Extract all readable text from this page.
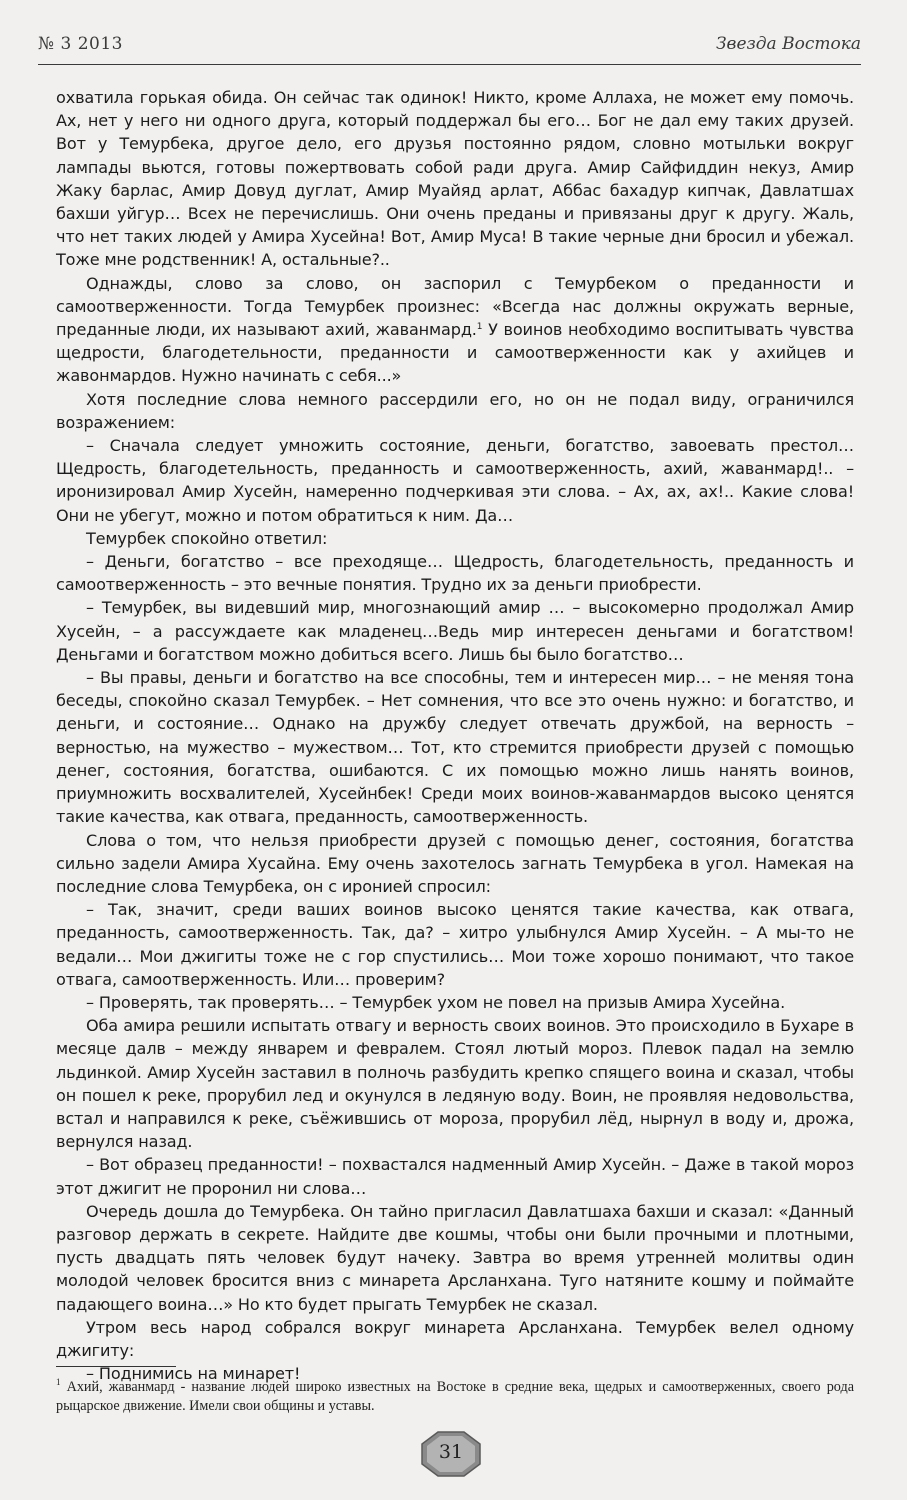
№ 3 2013	Звезда Востока

охватила горькая обида. Он сейчас так одинок! Никто, кроме Аллаха, не может ему помочь. Ах, нет у него ни одного друга, который поддержал бы его… Бог не дал ему таких друзей. Вот у Темурбека, другое дело, его друзья постоянно рядом, словно мотыльки вокруг лампады вьются, готовы пожертвовать собой ради друга. Амир Сайфиддин некуз, Амир Жаку барлас, Амир Довуд дуглат, Амир Муайяд арлат, Аббас бахадур кипчак, Давлатшах бахши уйгур… Всех не перечислишь. Они очень преданы и привязаны друг к другу. Жаль, что нет таких людей у Амира Хусейна! Вот, Амир Муса! В такие черные дни бросил и убежал. Тоже мне родственник! А, остальные?..

Однажды, слово за слово, он заспорил с Темурбеком о преданности и самоотверженности. Тогда Темурбек произнес: «Всегда нас должны окружать верные, преданные люди, их называют ахий, жаванмард.$^1$ У воинов необходимо воспитывать чувства щедрости, благодетельности, преданности и самоотверженности как у ахийцев и жавонмардов. Нужно начинать с себя...»

Хотя последние слова немного рассердили его, но он не подал виду, ограничился возражением:

– Сначала следует умножить состояние, деньги, богатство, завоевать престол… Щедрость, благодетельность, преданность и самоотверженность, ахий, жаванмард!.. – иронизировал Амир Хусейн, намеренно подчеркивая эти слова. – Ах, ах, ах!.. Какие слова! Они не убегут, можно и потом обратиться к ним. Да…

Темурбек спокойно ответил:

– Деньги, богатство – все преходяще… Щедрость, благодетельность, преданность и самоотверженность – это вечные понятия. Трудно их за деньги приобрести.

– Темурбек, вы видевший мир, многознающий амир … – высокомерно продолжал Амир Хусейн, – а рассуждаете как младенец…Ведь мир интересен деньгами и богатством! Деньгами и богатством можно добиться всего. Лишь бы было богатство…

– Вы правы, деньги и богатство на все способны, тем и интересен мир… – не меняя тона беседы, спокойно сказал Темурбек. – Нет сомнения, что все это очень нужно: и богатство, и деньги, и состояние… Однако на дружбу следует отвечать дружбой, на верность – верностью, на мужество – мужеством… Тот, кто стремится приобрести друзей с помощью денег, состояния, богатства, ошибаются. С их помощью можно лишь нанять воинов, приумножить восхвалителей, Хусейнбек! Среди моих воинов-жаванмардов высоко ценятся такие качества, как отвага, преданность, самоотверженность.

Слова о том, что нельзя приобрести друзей с помощью денег, состояния, богатства сильно задели Амира Хусайна. Ему очень захотелось загнать Темурбека в угол. Намекая на последние слова Темурбека, он с иронией спросил:

– Так, значит, среди ваших воинов высоко ценятся такие качества, как отвага, преданность, самоотверженность. Так, да? – хитро улыбнулся Амир Хусейн. – А мы-то не ведали… Мои джигиты тоже не с гор спустились… Мои тоже хорошо понимают, что такое отвага, самоотверженность. Или… проверим?

– Проверять, так проверять… – Темурбек ухом не повел на призыв Амира Хусейна.

Оба амира решили испытать отвагу и верность своих воинов. Это происходило в Бухаре в месяце далв – между январем и февралем. Стоял лютый мороз. Плевок падал на землю льдинкой. Амир Хусейн заставил в полночь разбудить крепко спящего воина и сказал, чтобы он пошел к реке, прорубил лед и окунулся в ледяную воду. Воин, не проявляя недовольства, встал и направился к реке, съёжившись от мороза, прорубил лёд, нырнул в воду и, дрожа, вернулся назад.

– Вот образец преданности! – похвастался надменный Амир Хусейн. – Даже в такой мороз этот джигит не проронил ни слова…

Очередь дошла до Темурбека. Он тайно пригласил Давлатшаха бахши и сказал: «Данный разговор держать в секрете. Найдите две кошмы, чтобы они были прочными и плотными, пусть двадцать пять человек будут начеку. Завтра во время утренней молитвы один молодой человек бросится вниз с минарета Арсланхана. Туго натяните кошму и поймайте падающего воина…» Но кто будет прыгать Темурбек не сказал.

Утром весь народ собрался вокруг минарета Арсланхана. Темурбек велел одному джигиту:

– Поднимись на минарет!

$^1$ Ахий, жаванмард - название людей широко известных на Востоке в средние века, щедрых и самоотверженных, своего рода рыцарское движение. Имели свои общины и уставы.
31
